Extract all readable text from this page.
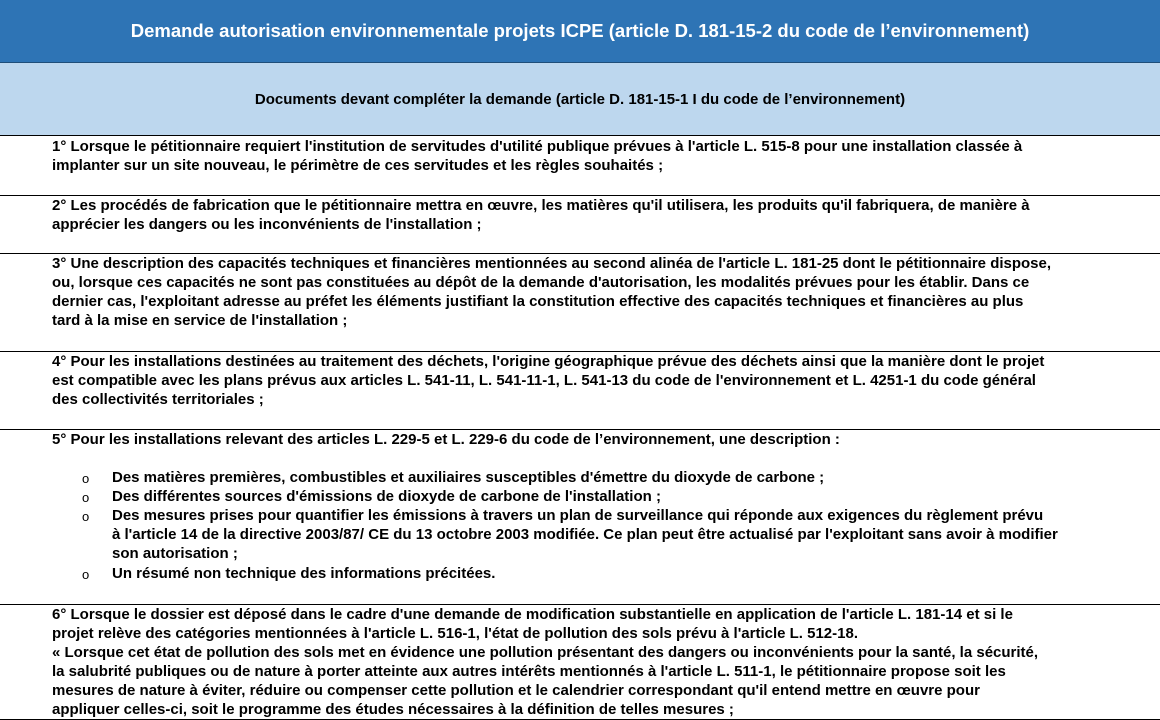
Demande autorisation environnementale projets ICPE (article D. 181-15-2 du code de l’environnement)
Documents devant compléter la demande (article D. 181-15-1 I du code de l’environnement)
1° Lorsque le pétitionnaire requiert l'institution de servitudes d'utilité publique prévues à l'article L. 515-8 pour une installation classée à
implanter sur un site nouveau, le périmètre de ces servitudes et les règles souhaités ;
2° Les procédés de fabrication que le pétitionnaire mettra en œuvre, les matières qu'il utilisera, les produits qu'il fabriquera, de manière à
apprécier les dangers ou les inconvénients de l'installation ;
3° Une description des capacités techniques et financières mentionnées au second alinéa de l'article L. 181-25 dont le pétitionnaire dispose,
ou, lorsque ces capacités ne sont pas constituées au dépôt de la demande d'autorisation, les modalités prévues pour les établir. Dans ce
dernier cas, l'exploitant adresse au préfet les éléments justifiant la constitution effective des capacités techniques et financières au plus
tard à la mise en service de l'installation ;
4° Pour les installations destinées au traitement des déchets, l'origine géographique prévue des déchets ainsi que la manière dont le projet
est compatible avec les plans prévus aux articles L. 541-11, L. 541-11-1, L. 541-13 du code de l'environnement et L. 4251-1 du code général
des collectivités territoriales ;
5° Pour les installations relevant des articles L. 229-5 et L. 229-6 du code de l’environnement, une description :
o Des matières premières, combustibles et auxiliaires susceptibles d'émettre du dioxyde de carbone ;
o Des différentes sources d'émissions de dioxyde de carbone de l'installation ;
o Des mesures prises pour quantifier les émissions à travers un plan de surveillance qui réponde aux exigences du règlement prévu
à l'article 14 de la directive 2003/87/ CE du 13 octobre 2003 modifiée. Ce plan peut être actualisé par l'exploitant sans avoir à modifier
son autorisation ;
o Un résumé non technique des informations précitées.
6° Lorsque le dossier est déposé dans le cadre d'une demande de modification substantielle en application de l'article L. 181-14 et si le
projet relève des catégories mentionnées à l'article L. 516-1, l'état de pollution des sols prévu à l'article L. 512-18.
« Lorsque cet état de pollution des sols met en évidence une pollution présentant des dangers ou inconvénients pour la santé, la sécurité,
la salubrité publiques ou de nature à porter atteinte aux autres intérêts mentionnés à l'article L. 511-1, le pétitionnaire propose soit les
mesures de nature à éviter, réduire ou compenser cette pollution et le calendrier correspondant qu'il entend mettre en œuvre pour
appliquer celles-ci, soit le programme des études nécessaires à la définition de telles mesures ;
